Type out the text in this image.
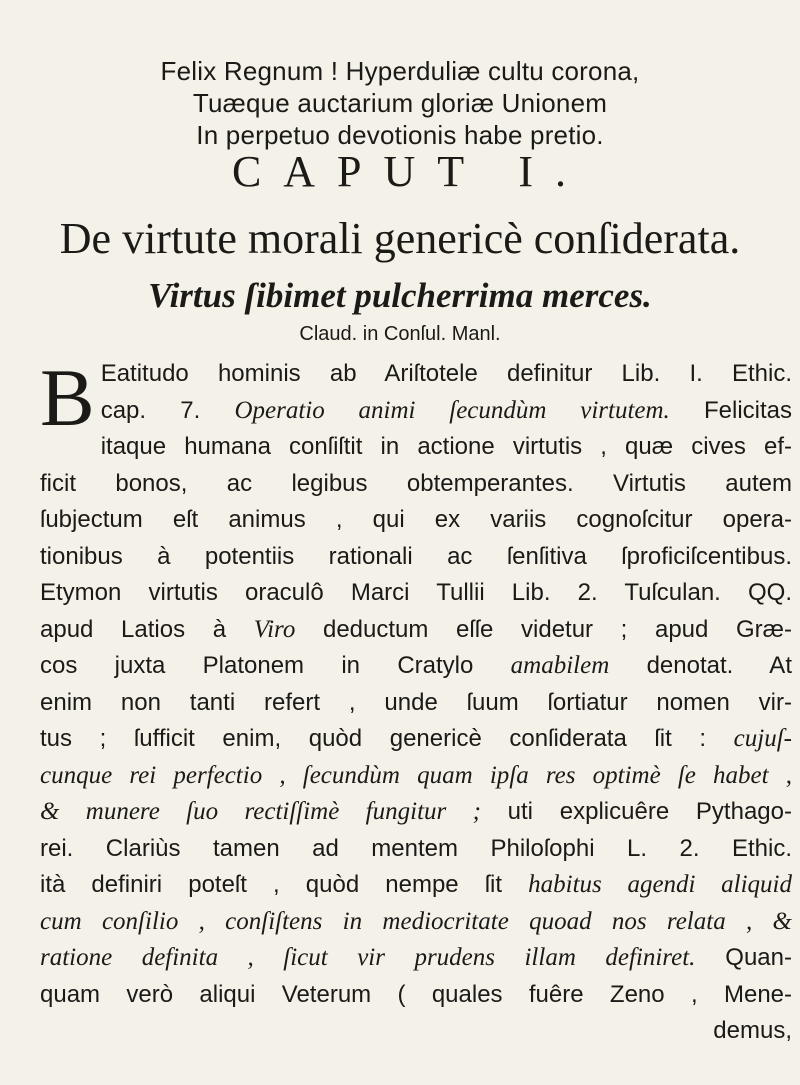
Felix Regnum ! Hyperduliæ cultu corona,
Tuæque auctarium gloriæ Unionem
In perpetuo devotionis habe pretio.
CAPUT I.
De virtute morali genericè conſiderata.
Virtus ſibimet pulcherrima merces.
Claud. in Conſul. Manl.
B Eatitudo hominis ab Ariſtotele definitur Lib. I. Ethic.
cap. 7. Operatio animi ſecundùm virtutem. Felicitas
itaque humana conſiſtit in actione virtutis , quæ cives ef-
ficit bonos, ac legibus obtemperantes. Virtutis autem
ſubjectum eſt animus , qui ex variis cognoſcitur opera-
tionibus à potentiis rationali ac ſenſitiva ſproficiſcentibus.
Etymon virtutis oraculô Marci Tullii Lib. 2. Tuſculan. QQ.
apud Latios à Viro deductum eſſe videtur ; apud Græ-
cos juxta Platonem in Cratylo amabilem denotat. At
enim non tanti refert , unde ſuum ſortiatur nomen vir-
tus ; ſufficit enim, quòd genericè conſiderata ſit : cujuſ-
cunque rei perfectio , ſecundùm quam ipſa res optimè ſe habet ,
& munere ſuo rectiſſimè fungitur ; uti explicuêre Pythago-
rei. Clariùs tamen ad mentem Philoſophi L. 2. Ethic.
ità definiri poteſt , quòd nempe ſit habitus agendi aliquid
cum conſilio , conſiſtens in mediocritate quoad nos relata , &
ratione definita , ſicut vir prudens illam definiret. Quan-
quam verò aliqui Veterum ( quales fuêre Zeno , Mene-
demus,
